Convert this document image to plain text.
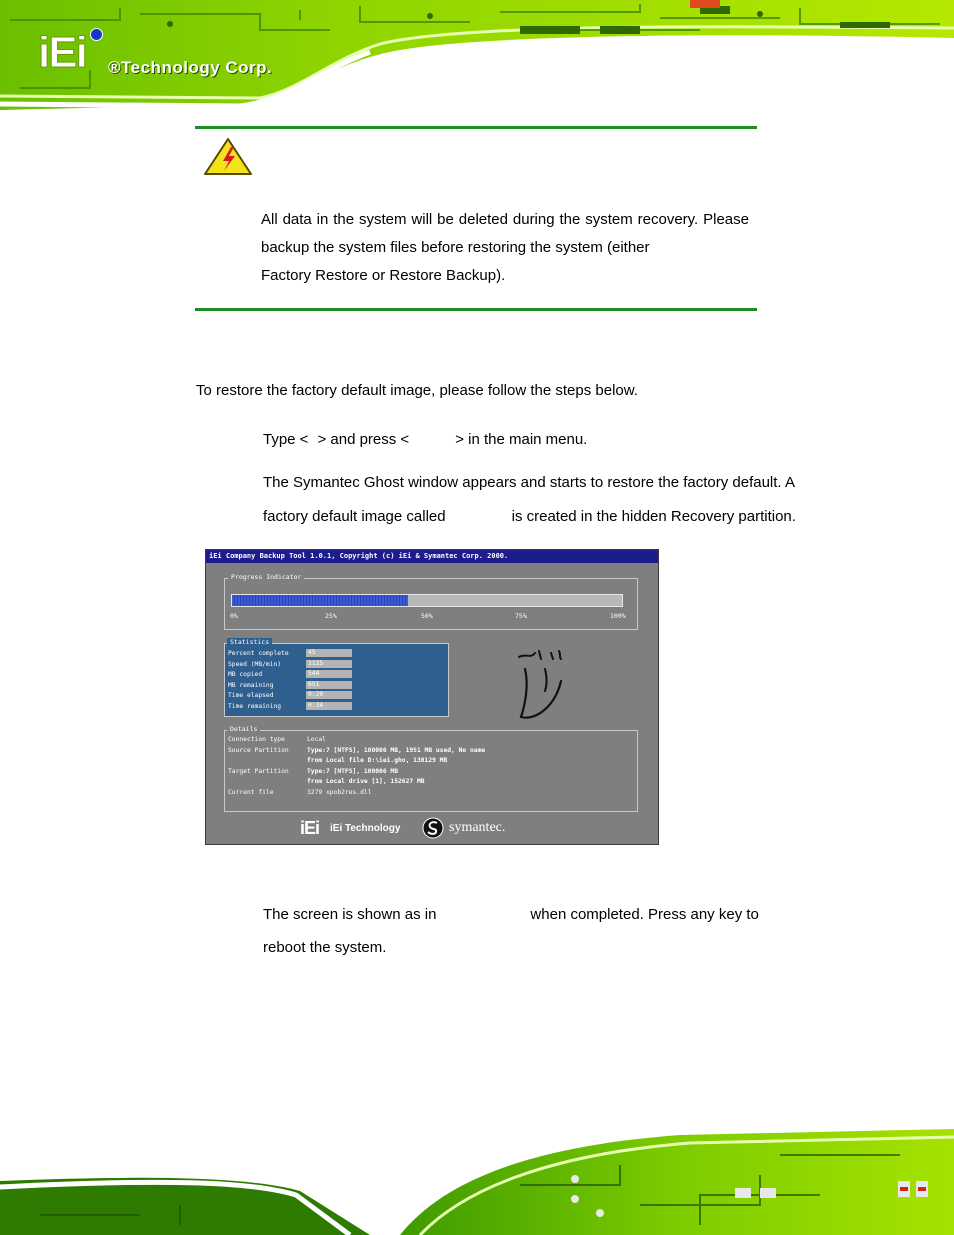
iEi ®Technology Corp.
All data in the system will be deleted during the system recovery. Please backup the system files before restoring the system (either
Factory Restore or Restore Backup).
To restore the factory default image, please follow the steps below.
Type < > and press <	> in the main menu.
The Symantec Ghost window appears and starts to restore the factory default. A
factory default image called	is created in the hidden Recovery partition.
iEi Company Backup Tool 1.0.1, Copyright (c) iEi & Symantec Corp. 2000.
Progress Indicator
0%	25%	50%	75%	100%
Percent complete	45
Speed (MB/min)	1125
MB copied	544
MB remaining	651
Time elapsed	0:29
Time remaining	0:34
Statistics
Connection type	Local
Source Partition	Type:7 [NTFS], 100006 MB, 1951 MB used, No name
from Local file D:\iei.gho, 130129 MB
Target Partition	Type:7 [NTFS], 100006 MB
from Local drive [1], 152627 MB
Current file	3279 xpob2res.dll
Details
iEi iEi Technology	symantec.
The screen is shown as in	when completed. Press any key to
reboot the system.
